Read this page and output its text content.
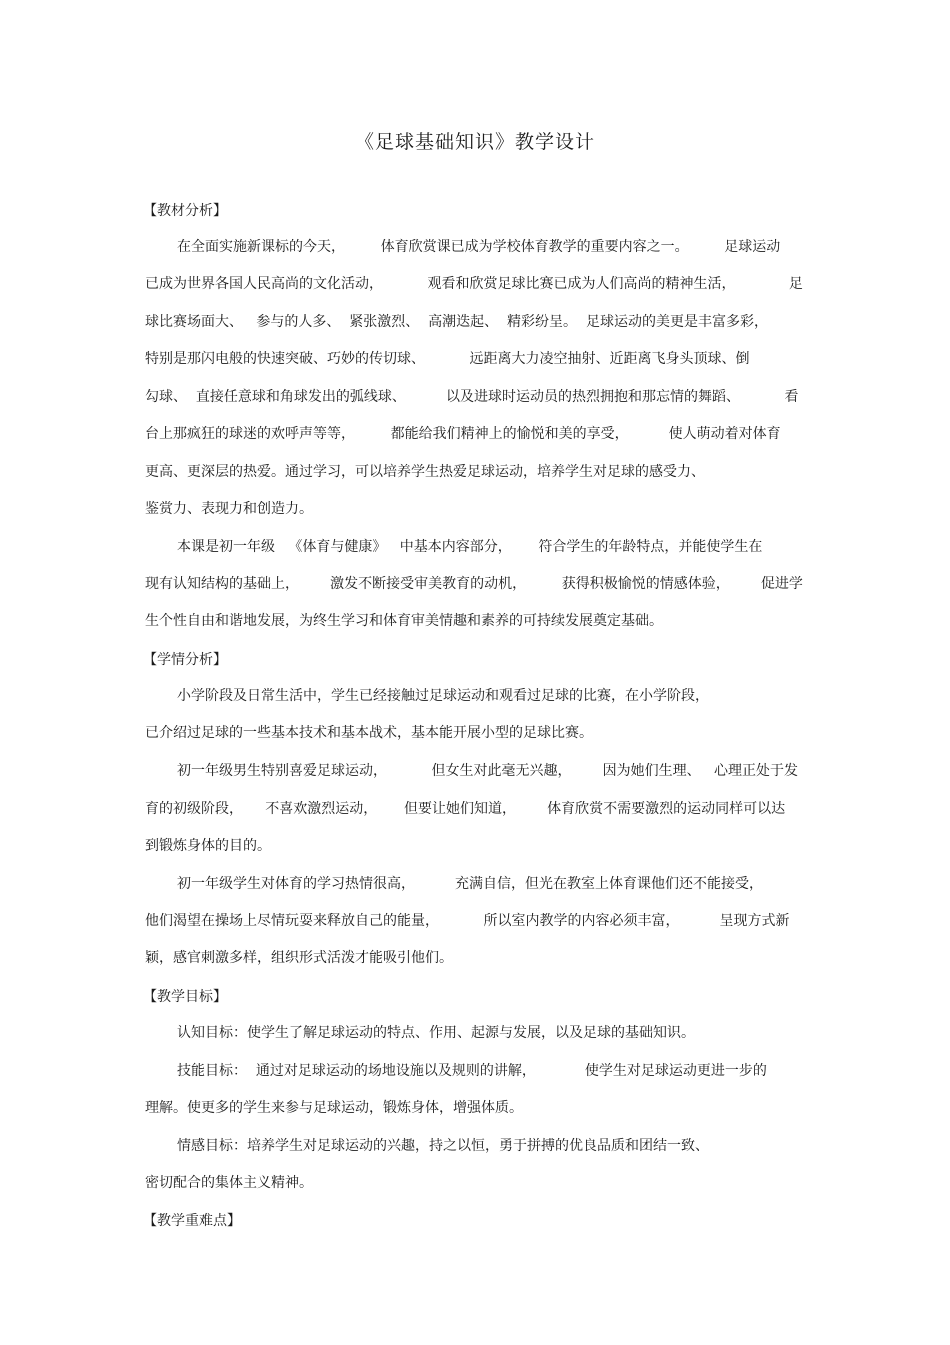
《足球基础知识》教学设计
【教材分析】
在全面实施新课标的今天，        体育欣赏课已成为学校体育教学的重要内容之一。        足球运动
已成为世界各国人民高尚的文化活动，          观看和欣赏足球比赛已成为人们高尚的精神生活，            足
球比赛场面大、   参与的人多、  紧张激烈、  高潮迭起、  精彩纷呈。  足球运动的美更是丰富多彩，
特别是那闪电般的快速突破、巧妙的传切球、          远距离大力凌空抽射、近距离飞身头顶球、倒
勾球、  直接任意球和角球发出的弧线球、         以及进球时运动员的热烈拥抱和那忘情的舞蹈、          看
台上那疯狂的球迷的欢呼声等等，        都能给我们精神上的愉悦和美的享受，         使人萌动着对体育
更高、更深层的热爱。通过学习，可以培养学生热爱足球运动，培养学生对足球的感受力、
鉴赏力、表现力和创造力。
本课是初一年级   《体育与健康》   中基本内容部分，      符合学生的年龄特点，并能使学生在
现有认知结构的基础上，       激发不断接受审美教育的动机，        获得积极愉悦的情感体验，       促进学
生个性自由和谐地发展，为终生学习和体育审美情趣和素养的可持续发展奠定基础。
【学情分析】
小学阶段及日常生活中，学生已经接触过足球运动和观看过足球的比赛，在小学阶段，
已介绍过足球的一些基本技术和基本战术，基本能开展小型的足球比赛。
初一年级男生特别喜爱足球运动，          但女生对此毫无兴趣，       因为她们生理、   心理正处于发
育的初级阶段，     不喜欢激烈运动，      但要让她们知道，       体育欣赏不需要激烈的运动同样可以达
到锻炼身体的目的。
初一年级学生对体育的学习热情很高，         充满自信，但光在教室上体育课他们还不能接受，
他们渴望在操场上尽情玩耍来释放自己的能量，          所以室内教学的内容必须丰富，         呈现方式新
颖，感官刺激多样，组织形式活泼才能吸引他们。
【教学目标】
认知目标：使学生了解足球运动的特点、作用、起源与发展，以及足球的基础知识。
技能目标：  通过对足球运动的场地设施以及规则的讲解，           使学生对足球运动更进一步的
理解。使更多的学生来参与足球运动，锻炼身体，增强体质。
情感目标：培养学生对足球运动的兴趣，持之以恒，勇于拼搏的优良品质和团结一致、
密切配合的集体主义精神。
【教学重难点】
